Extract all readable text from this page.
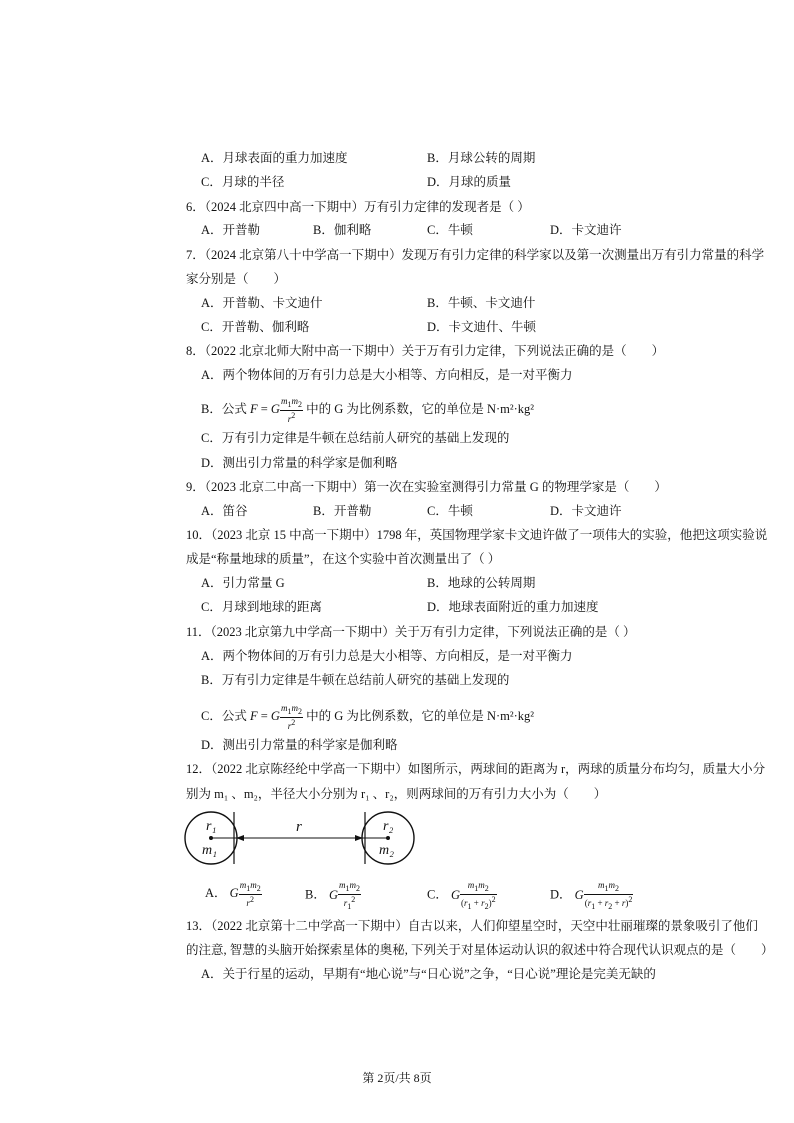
A．月球表面的重力加速度	B．月球公转的周期
C．月球的半径	D．月球的质量
6．（2024 北京四中高一下期中）万有引力定律的发现者是（ ）
A．开普勒	B．伽利略	C．牛顿	D．卡文迪许
7．（2024 北京第八十中学高一下期中）发现万有引力定律的科学家以及第一次测量出万有引力常量的科学
家分别是（　　）
A．开普勒、卡文迪什	B．牛顿、卡文迪什
C．开普勒、伽利略	D．卡文迪什、牛顿
8．（2022 北京北师大附中高一下期中）关于万有引力定律，下列说法正确的是（　　）
A．两个物体间的万有引力总是大小相等、方向相反，是一对平衡力
B．公式 F = G $\frac{m_1m_2}{r^2}$ 中的 G 为比例系数，它的单位是 N·m²·kg²
C．万有引力定律是牛顿在总结前人研究的基础上发现的
D．测出引力常量的科学家是伽利略
9．（2023 北京二中高一下期中）第一次在实验室测得引力常量 G 的物理学家是（　　）
A．笛谷	B．开普勒	C．牛顿	D．卡文迪许
10．（2023 北京 15 中高一下期中）1798 年，英国物理学家卡文迪许做了一项伟大的实验，他把这项实验说
成是“称量地球的质量”，在这个实验中首次测量出了（ ）
A．引力常量 G	B．地球的公转周期
C．月球到地球的距离	D．地球表面附近的重力加速度
11．（2023 北京第九中学高一下期中）关于万有引力定律，下列说法正确的是（ ）
A．两个物体间的万有引力总是大小相等、方向相反，是一对平衡力
B．万有引力定律是牛顿在总结前人研究的基础上发现的
C．公式 F = G $\frac{m_1m_2}{r^2}$ 中的 G 为比例系数，它的单位是 N·m²·kg²
D．测出引力常量的科学家是伽利略
12．（2022 北京陈经纶中学高一下期中）如图所示，两球间的距离为 r，两球的质量分布均匀，质量大小分
别为 m₁ 、m₂，半径大小分别为 r₁ 、r₂，则两球间的万有引力大小为（　　）
r₁
m₁
r	r₂
m₂
A． G $\frac{m_1m_2}{r^2}$	B． G $\frac{m_1m_2}{r_1^2}$	C． G $\frac{m_1m_2}{(r_1 + r_2)^2}$	D． G $\frac{m_1m_2}{(r_1 + r_2 + r)^2}$
13．（2022 北京第十二中学高一下期中）自古以来，人们仰望星空时，天空中壮丽璀璨的景象吸引了他们
的注意, 智慧的头脑开始探索星体的奥秘, 下列关于对星体运动认识的叙述中符合现代认识观点的是（　　）
A．关于行星的运动，早期有“地心说”与“日心说”之争，“日心说”理论是完美无缺的
第 2页/共 8页
